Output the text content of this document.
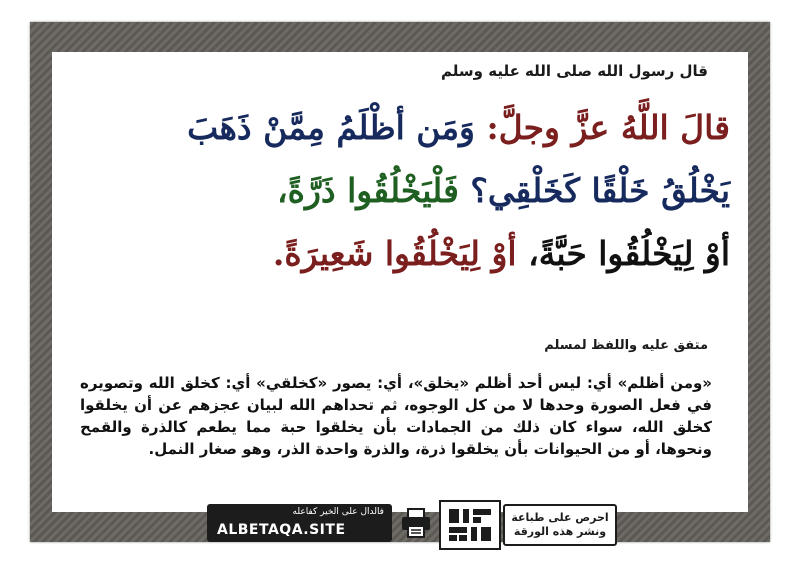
قال رسول الله صلى الله عليه وسلم
قالَ اللَّهُ عزَّ وجلَّ: وَمَن أظْلَمُ مِمَّنْ ذَهَبَ
يَخْلُقُ خَلْقًا كَخَلْقِي؟ فَلْيَخْلُقُوا ذَرَّةً،
أوْ لِيَخْلُقُوا حَبَّةً، أوْ لِيَخْلُقُوا شَعِيرَةً.
متفق عليه واللفظ لمسلم
«ومن أظلم» أي: ليس أحد أظلم «يخلق»، أي: يصور «كخلقي» أي: كخلق الله وتصويره في فعل الصورة وحدها لا من كل الوجوه، ثم تحداهم الله لبيان عجزهم عن أن يخلقوا كخلق الله، سواء كان ذلك من الجمادات بأن يخلقوا حبة مما يطعم كالذرة والقمح ونحوها، أو من الحيوانات بأن يخلقوا ذرة، والذرة واحدة الذر، وهو صغار النمل.
فالدال على الخير كفاعله
ALBETAQA.SITE
احرص على طباعة
ونشر هذه الورقة
